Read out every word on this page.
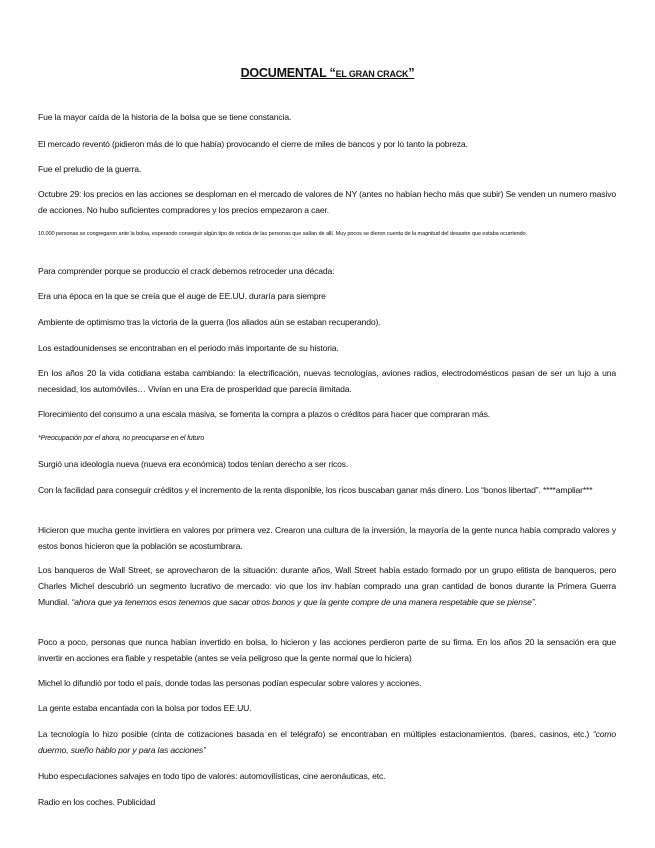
DOCUMENTAL “EL GRAN CRACK”
Fue la mayor caída de la historia de la bolsa que se tiene constancia.
El mercado reventó (pidieron más de lo que había) provocando el cierre de miles de bancos y por lo tanto la pobreza.
Fue el preludio de la guerra.
Octubre 29: los precios en las acciones se desploman en el mercado de valores de NY (antes no habían hecho más que subir) Se venden un numero masivo de acciones. No hubo suficientes compradores y los precios empezaron a caer.
10.000 personas se congregaron ante la bolsa, esperando conseguir algún tipo de noticia de las personas que salían de allí. Muy pocos se dieron cuenta de la magnitud del desastre que estaba ocurriendo.
Para comprender porque se produccio el crack debemos retroceder una década:
Era una época en la que se creía que el auge de EE.UU. duraría para siempre
Ambiente de optimismo tras la victoria de la guerra (los aliados aún se estaban recuperando).
Los estadounidenses se encontraban en el periodo más importante de su historia.
En los años 20 la vida cotidiana estaba cambiando: la electrificación, nuevas tecnologías, aviones radios, electrodomésticos pasan de ser un lujo a una necesidad, los automóviles… Vivían en una Era de prosperidad que parecía ilimitada.
Florecimiento del consumo a una escala masiva, se fomenta la compra a plazos o créditos para hacer que compraran más.
*Preocupación por el ahora, no preocuparse en el futuro
Surgió una ideología nueva (nueva era económica) todos tenían derecho a ser ricos.
Con la facilidad para conseguir créditos y el incremento de la renta disponible, los ricos buscaban ganar más dinero. Los “bonos libertad”. ****ampliar***
Hicieron que mucha gente invirtiera en valores por primera vez. Crearon una cultura de la inversión, la mayoría de la gente nunca había comprado valores y estos bonos hicieron que la población se acostumbrara.
Los banqueros de Wall Street, se aprovecharon de la situación: durante años, Wall Street había estado formado por un grupo elitista de banqueros, pero Charles Michel descubrió un segmento lucrativo de mercado: vio que los inv habían comprado una gran cantidad de bonos durante la Primera Guerra Mundial. “ahora que ya tenemos esos tenemos que sacar otros bonos y que la gente compre de una manera respetable que se piense”.
Poco a poco, personas que nunca habían invertido en bolsa, lo hicieron y las acciones perdieron parte de su firma. En los años 20 la sensación era que invertir en acciones era fiable y respetable (antes se veía peligroso que la gente normal que lo hiciera)
Michel lo difundió por todo el país, donde todas las personas podían especular sobre valores y acciones.
La gente estaba encantada con la bolsa por todos EE.UU.
La tecnología lo hizo posible (cinta de cotizaciones basada en el telégrafo) se encontraban en múltiples estacionamientos. (bares, casinos, etc.) “como duermo, sueño hablo por y para las acciones”
Hubo especulaciones salvajes en todo tipo de valores: automovilísticas, cine aeronáuticas, etc.
Radio en los coches. Publicidad
